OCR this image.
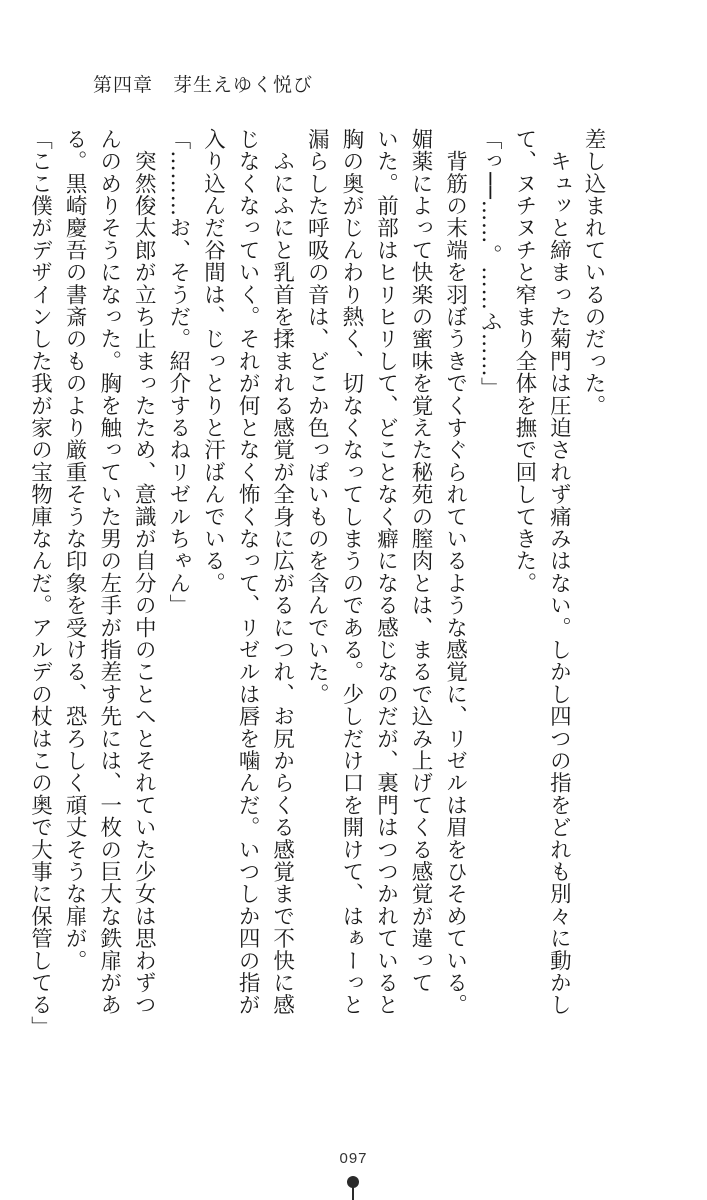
第四章　芽生えゆく悦び
差し込まれているのだった。
　キュッと締まった菊門は圧迫されず痛みはない。しかし四つの指をどれも別々に動かし
て、ヌチヌチと窄まり全体を撫で回してきた。
「っ──……。……ふ……」
　背筋の末端を羽ぼうきでくすぐられているような感覚に、リゼルは眉をひそめている。
媚薬によって快楽の蜜味を覚えた秘苑の膣肉とは、まるで込み上げてくる感覚が違って
いた。前部はヒリヒリして、どことなく癖になる感じなのだが、裏門はつつかれていると
胸の奥がじんわり熱く、切なくなってしまうのである。少しだけ口を開けて、はぁーっと
漏らした呼吸の音は、どこか色っぽいものを含んでいた。
　ふにふにと乳首を揉まれる感覚が全身に広がるにつれ、お尻からくる感覚まで不快に感
じなくなっていく。それが何となく怖くなって、リゼルは唇を噛んだ。いつしか四の指が
入り込んだ谷間は、じっとりと汗ばんでいる。
「………お、そうだ。紹介するねリゼルちゃん」
　突然俊太郎が立ち止まったため、意識が自分の中のことへとそれていた少女は思わずつ
んのめりそうになった。胸を触っていた男の左手が指差す先には、一枚の巨大な鉄扉があ
る。黒崎慶吾の書斎のものより厳重そうな印象を受ける、恐ろしく頑丈そうな扉が。
「ここ僕がデザインした我が家の宝物庫なんだ。アルデの杖はこの奥で大事に保管してる」
097
